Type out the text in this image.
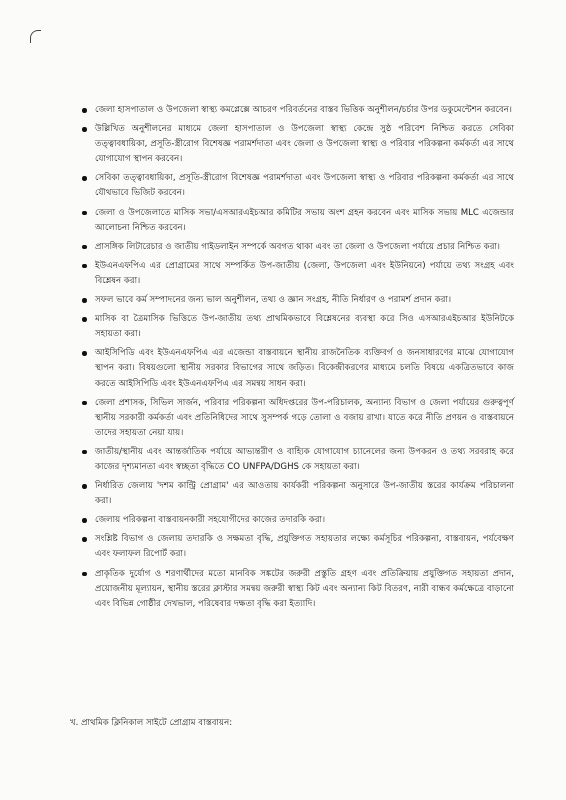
জেলা হাসপাতাল ও উপজেলা স্বাস্থ্য কমপ্লেক্সে আচরণ পরিবর্তনের বাস্তব ভিত্তিক অনুশীলন/চর্চার উপর ডকুমেন্টেশন করবেন।
উল্লিখিত অনুশীলনের মাধ্যমে জেলা হাসপাতাল ও উপজেলা স্বাস্থ্য কেন্দ্রে সুষ্ঠ পরিবেশ নিশ্চিত করতে সেবিকা তত্ত্বাবধায়িকা, প্রসূতি-স্ত্রীরোগ বিশেষজ্ঞ পরামর্শদাতা এবং জেলা ও উপজেলা স্বাস্থ্য ও পরিবার পরিকল্পনা কর্মকর্তা এর সাথে যোগাযোগ স্থাপন করবেন।
সেবিকা তত্ত্বাবধায়িকা, প্রসূতি-স্ত্রীরোগ বিশেষজ্ঞ পরামর্শদাতা এবং উপজেলা স্বাস্থ্য ও পরিবার পরিকল্পনা কর্মকর্তা এর সাথে যৌথভাবে ভিজিট করবেন।
জেলা ও উপজেলাতে মাসিক সভা/এসআরএইচআর কমিটির সভায় অংশ গ্রহন করবেন এবং মাসিক সভায় MLC এজেন্ডার আলোচনা নিশ্চিত করবেন।
প্রাসঙ্গিক লিটারেচার ও জাতীয় গাইডলাইন সম্পর্কে অবগত থাকা এবং তা জেলা ও উপজেলা পর্যায়ে প্রচার নিশ্চিত করা।
ইউএনএফপিএ এর প্রোগ্রামের সাথে সম্পর্কিত উপ-জাতীয় (জেলা, উপজেলা এবং ইউনিয়নে) পর্যায়ে তথ্য সংগ্রহ এবং বিশ্লেষন করা।
সফল ভাবে কর্ম সম্পাদনের জন্য ভাল অনুশীলন, তথ্য ও জ্ঞান সংগ্রহ, নীতি নির্ধারণ ও পরামর্শ প্রদান করা।
মাসিক বা ত্রৈমাসিক ভিত্তিতে উপ-জাতীয় তথ্য প্রাথমিকভাবে বিশ্লেষনের ব্যবস্থা করে সিও এসআরএইচআর ইউনিটকে সহায়তা করা।
আইসিপিডি এবং ইউএনএফপিএ এর এজেন্ডা বাস্তবায়নে স্থানীয় রাজনৈতিক ব্যক্তিবর্গ ও জনসাধারণের মাঝে যোগাযোগ স্থাপন করা। বিষয়গুলো স্থানীয় সরকার বিভাগের সাথে জড়িত। বিকেন্দ্রীকরণের মাধ্যমে চলতি বিষয়ে একত্রিতভাবে কাজ করতে আইসিপিডি এবং ইউএনএফপিএ এর সমন্বয় সাধন করা।
জেলা প্রশাসক, সিভিল সার্জন, পরিবার পরিকল্পনা অধিদপ্তরের উপ-পরিচালক, অন্যান্য বিভাগ ও জেলা পর্যায়ের গুরুত্বপূর্ণ স্থানীয় সরকারী কর্মকর্তা এবং প্রতিনিধিদের সাথে সুসম্পর্ক গড়ে তোলা ও বজায় রাখা। যাতে করে নীতি প্রণয়ন ও বাস্তবায়নে তাদের সহায়তা নেয়া যায়।
জাতীয়/স্থানীয় এবং আন্তর্জাতিক পর্যায়ে আভ্যন্তরীণ ও বাহ্যিক যোগাযোগ চ্যানেলের জন্য উপকরন ও তথ্য সরবরাহ করে কাজের দৃশ্যমানতা এবং স্বচ্ছতা বৃদ্ধিতে CO UNFPA/DGHS কে সহায়তা করা।
নির্ধারিত জেলায় 'দশম কান্ট্রি প্রোগ্রাম' এর আওতায় কার্যকরী পরিকল্পনা অনুসারে উপ-জাতীয় স্তরের কার্যক্রম পরিচালনা করা।
জেলায় পরিকল্পনা বাস্তবায়নকারী সহযোগীদের কাজের তদারকি করা।
সংশ্লিষ্ট বিভাগ ও জেলায় তদারকি ও সক্ষমতা বৃদ্ধি, প্রযুক্তিগত সহায়তার লক্ষ্যে কর্মসূচির পরিকল্পনা, বাস্তবায়ন, পর্যবেক্ষণ এবং ফলাফল রিপোর্ট করা।
প্রাকৃতিক দুর্যোগ ও শরণার্থীদের মতো মানবিক সঙ্কটের জরুরী প্রস্তুতি গ্রহণ এবং প্রতিক্রিয়ায় প্রযুক্তিগত সহায়তা প্রদান, প্রয়োজনীয় মূল্যায়ন, স্থানীয় স্তরের ক্লাস্টার সমন্বয় জরুরী স্বাস্থ্য কিট এবং অন্যান্য কিট বিতরণ, নারী বান্ধব কর্মক্ষেত্রে বাড়ানো এবং বিভিন্ন গোষ্ঠীর দেখভাল, পরিষেবার দক্ষতা বৃদ্ধি করা ইত্যাদি।
খ. প্রাথমিক ক্লিনিকাল সাইটে প্রোগ্রাম বাস্তবায়ন:
